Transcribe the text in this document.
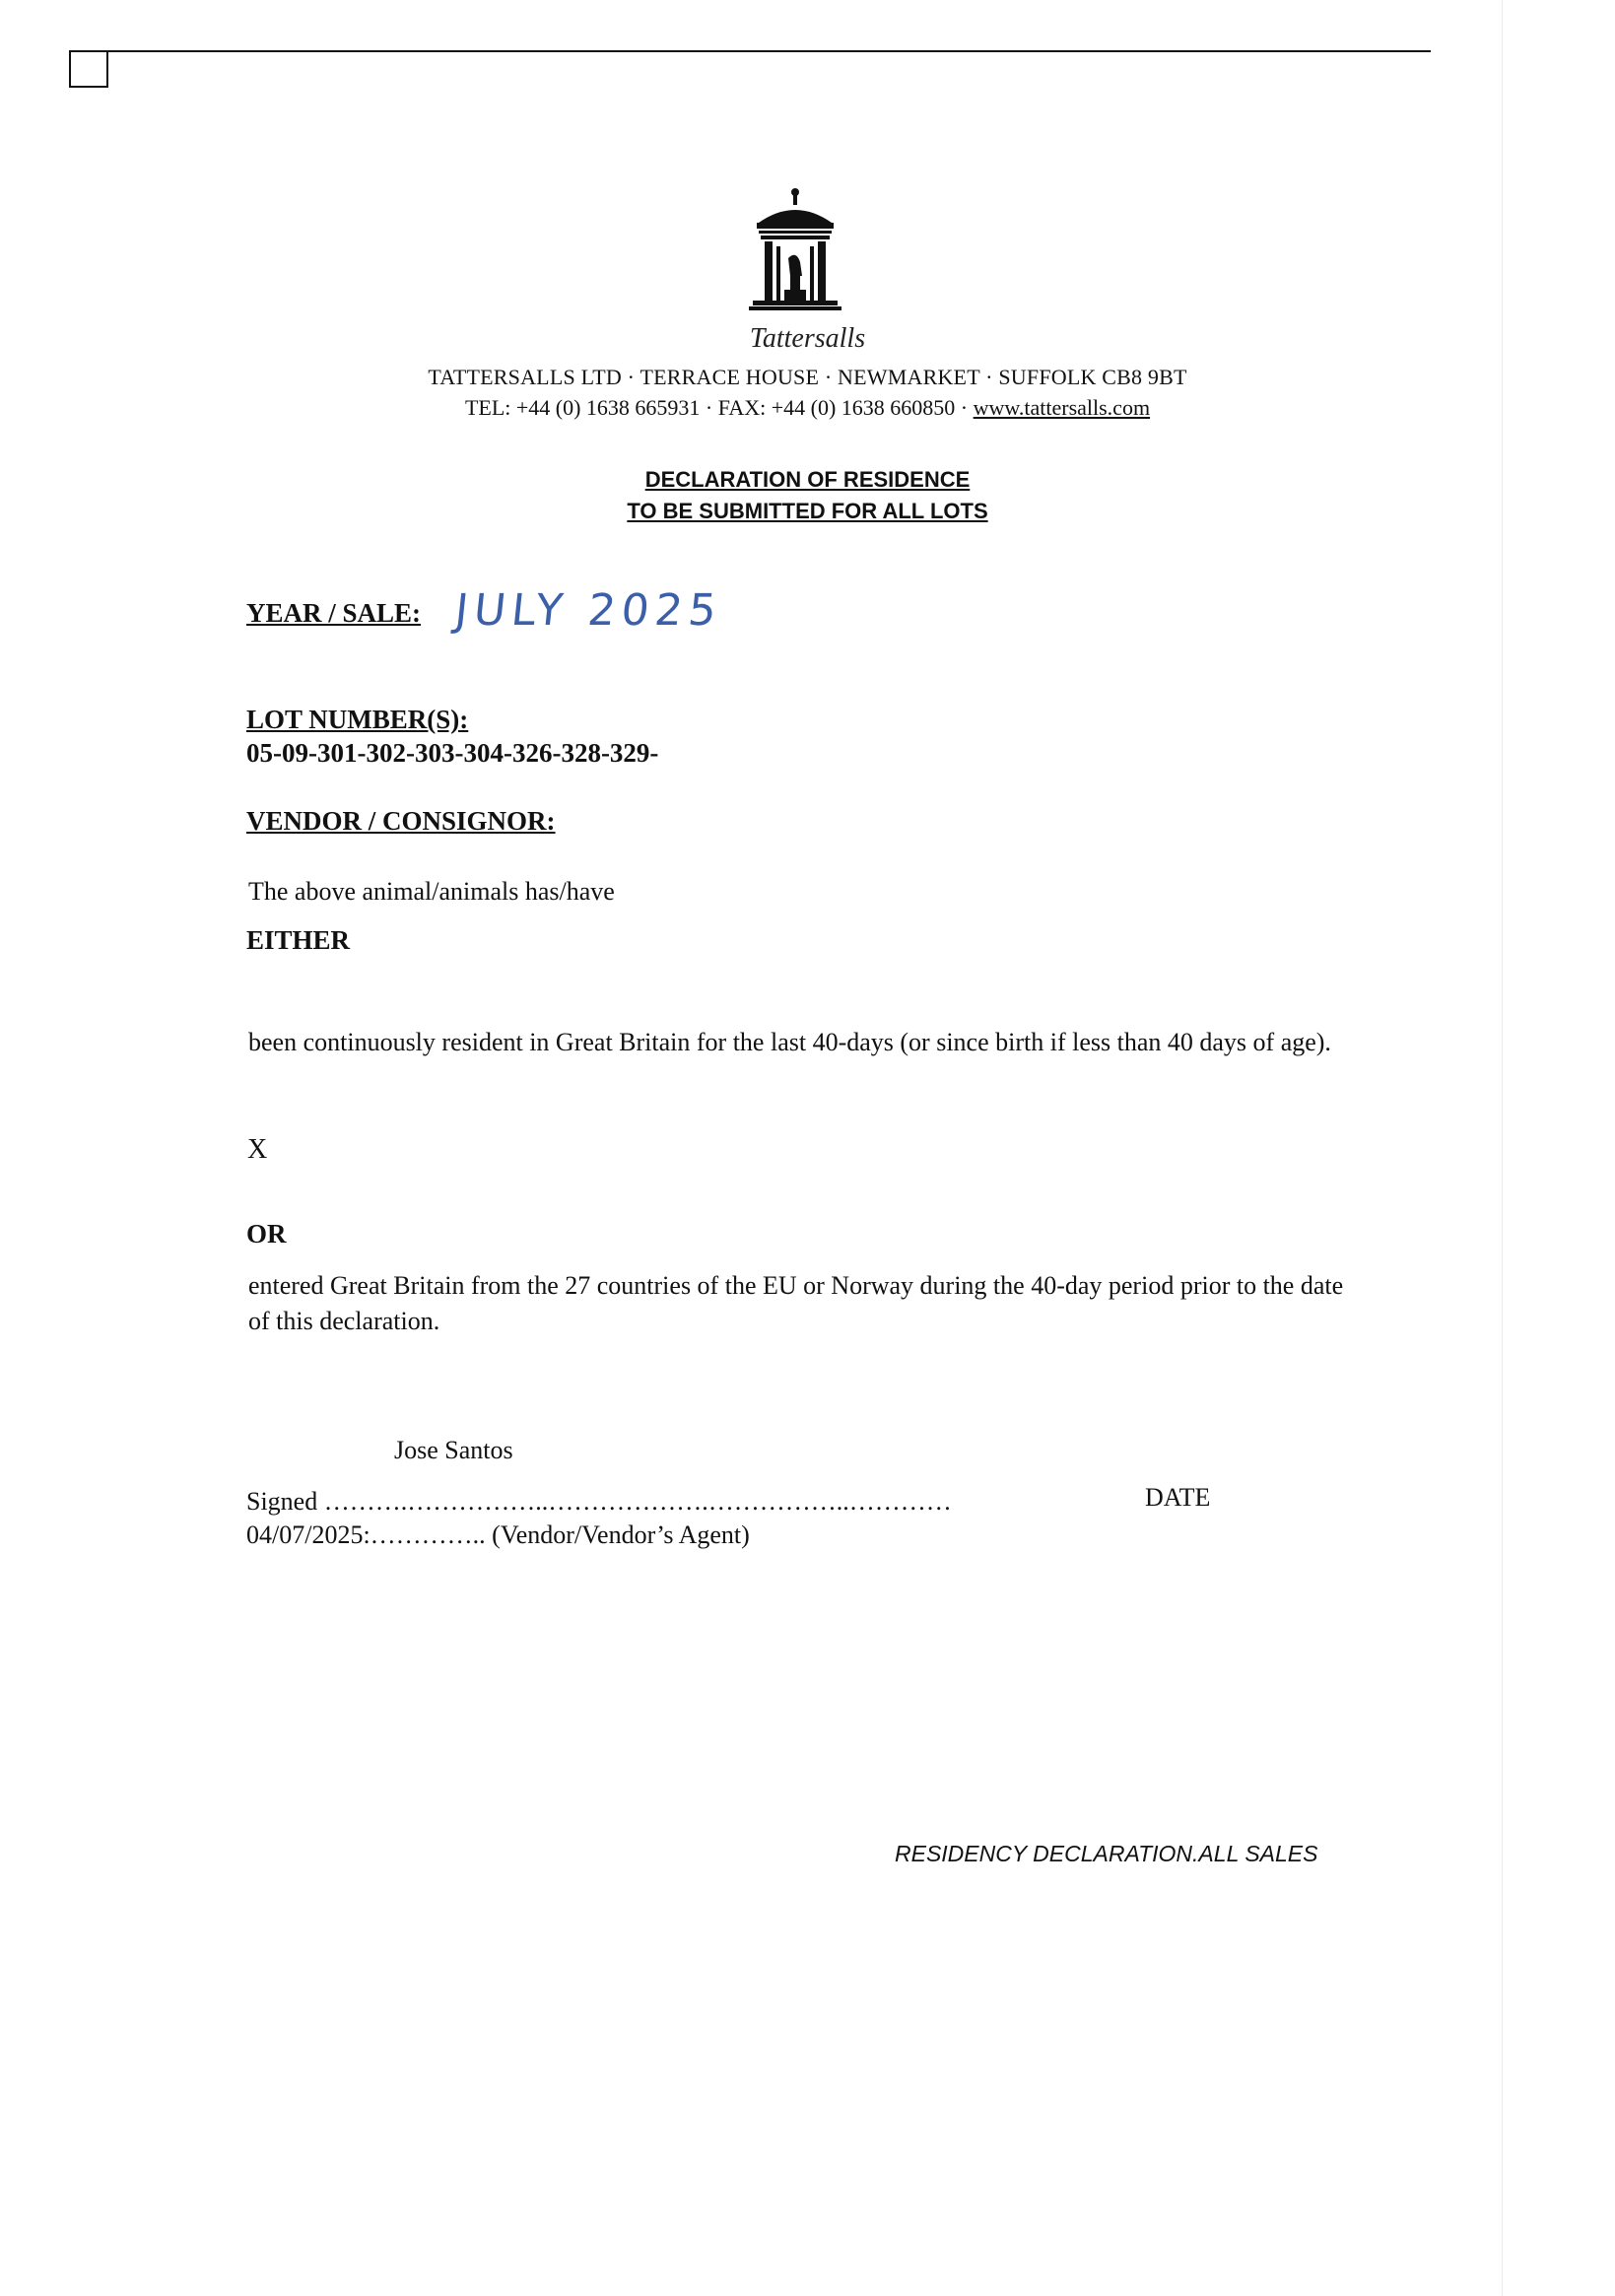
Tattersalls
TATTERSALLS LTD · TERRACE HOUSE · NEWMARKET · SUFFOLK CB8 9BT
TEL: +44 (0) 1638 665931 · FAX: +44 (0) 1638 660850 · www.tattersalls.com
DECLARATION OF RESIDENCE
TO BE SUBMITTED FOR ALL LOTS
YEAR / SALE: JULY 2025
LOT NUMBER(S):
05-09-301-302-303-304-326-328-329-
VENDOR / CONSIGNOR:
The above animal/animals has/have
EITHER
been continuously resident in Great Britain for the last 40-days (or since birth if less than 40 days of age).
X
OR
entered Great Britain from the 27 countries of the EU or Norway during the 40-day period prior to the date of this declaration.
Jose Santos
Signed ……….……………..……………….……………..…………	DATE
04/07/2025:………….. (Vendor/Vendor’s Agent)
RESIDENCY DECLARATION.ALL SALES
